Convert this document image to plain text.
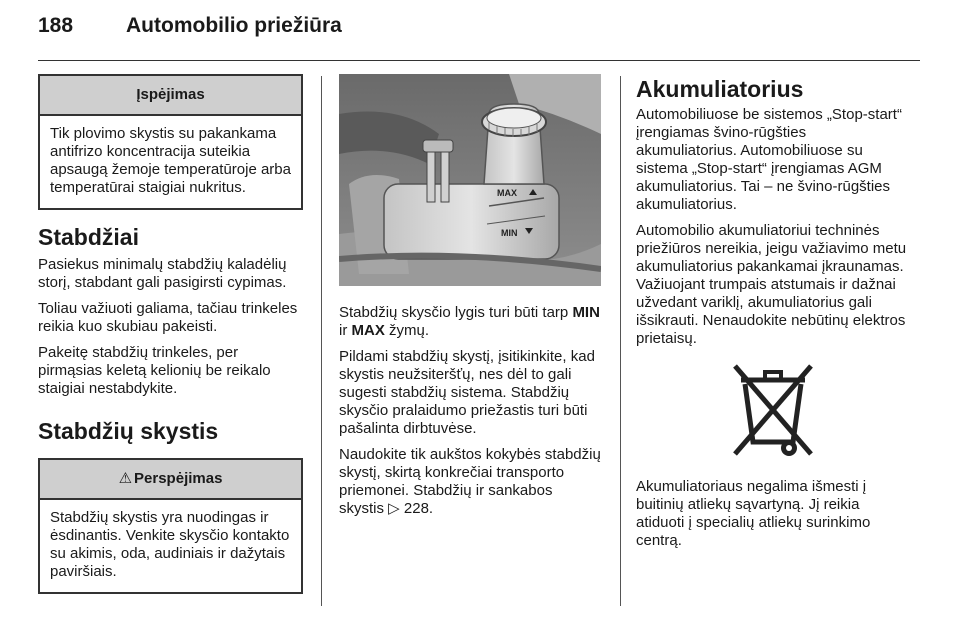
188	Automobilio priežiūra
Įspėjimas
Tik plovimo skystis su pakankama antifrizo koncentracija suteikia apsaugą žemoje temperatūroje arba temperatūrai staigiai nukritus.
Stabdžiai

Pasiekus minimalų stabdžių kaladėlių storį, stabdant gali pasigirsti cypimas.

Toliau važiuoti galiama, tačiau trinkeles reikia kuo skubiau pakeisti.

Pakeitę stabdžių trinkeles, per pirmąsias keletą kelionių be reikalo staigiai nestabdykite.

Stabdžių skystis
⚠ Perspėjimas
Stabdžių skystis yra nuodingas ir ėsdinantis. Venkite skysčio kontakto su akimis, oda, audiniais ir dažytais paviršiais.
MAX
MIN

Stabdžių skysčio lygis turi būti tarp MIN ir MAX žymų.

Pildami stabdžių skystį, įsitikinkite, kad skystis neužsiteršťų, nes dėl to gali sugesti stabdžių sistema. Stabdžių skysčio pralaidumo priežastis turi būti pašalinta dirbtuvėse.

Naudokite tik aukštos kokybės stabdžių skystį, skirtą konkrečiai transporto priemonei. Stabdžių ir sankabos skystis ▷ 228.

Akumuliatorius

Automobiliuose be sistemos „Stop-start“ įrengiamas švino-rūgšties akumuliatorius. Automobiliuose su sistema „Stop-start“ įrengiamas AGM akumuliatorius. Tai – ne švino-rūgšties akumuliatorius.

Automobilio akumuliatoriui techninės priežiūros nereikia, jeigu važiavimo metu akumuliatorius pakankamai įkraunamas. Važiuojant trumpais atstumais ir dažnai užvedant variklį, akumuliatorius gali išsikrauti. Nenaudokite nebūtinų elektros prietaisų.

Akumuliatoriaus negalima išmesti į buitinių atliekų sąvartyną. Jį reikia atiduoti į specialių atliekų surinkimo centrą.
